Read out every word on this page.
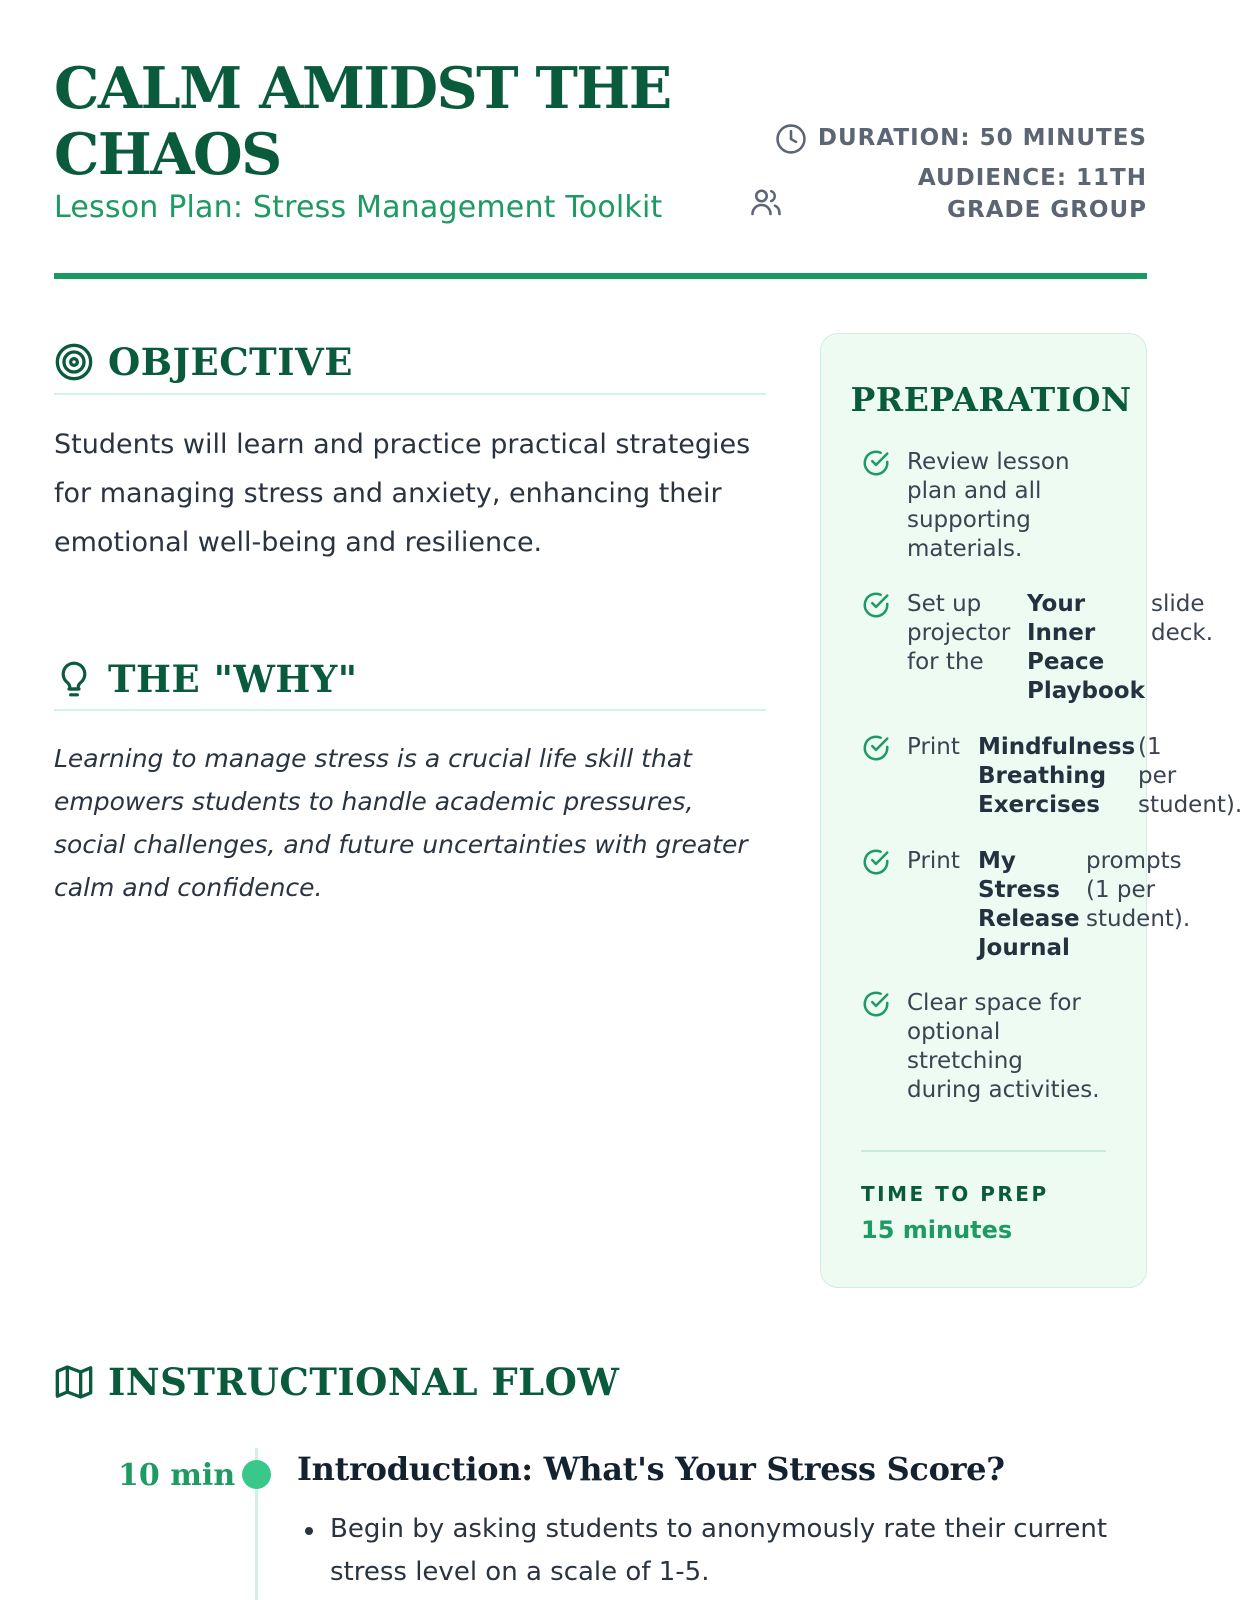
CALM AMIDST THE CHAOS
Lesson Plan: Stress Management Toolkit
DURATION: 50 MINUTES
AUDIENCE: 11TH GRADE GROUP
OBJECTIVE

Students will learn and practice practical strategies for managing stress and anxiety, enhancing their emotional well-being and resilience.

THE "WHY"

Learning to manage stress is a crucial life skill that empowers students to handle academic pressures, social challenges, and future uncertainties with greater calm and confidence.

PREPARATION
Review lesson plan and all supporting materials.
Set up projector for the
Your Inner Peace Playbook
slide deck.
Print Mindfulness Breathing Exercises
(1 per student).
Print My Stress Release Journal
prompts (1 per student).
Clear space for optional stretching during activities.
TIME TO PREP
15 minutes
INSTRUCTIONAL FLOW
10 min Introduction: What's Your Stress Score?
Begin by asking students to anonymously rate their current stress level on a scale of 1-5.
